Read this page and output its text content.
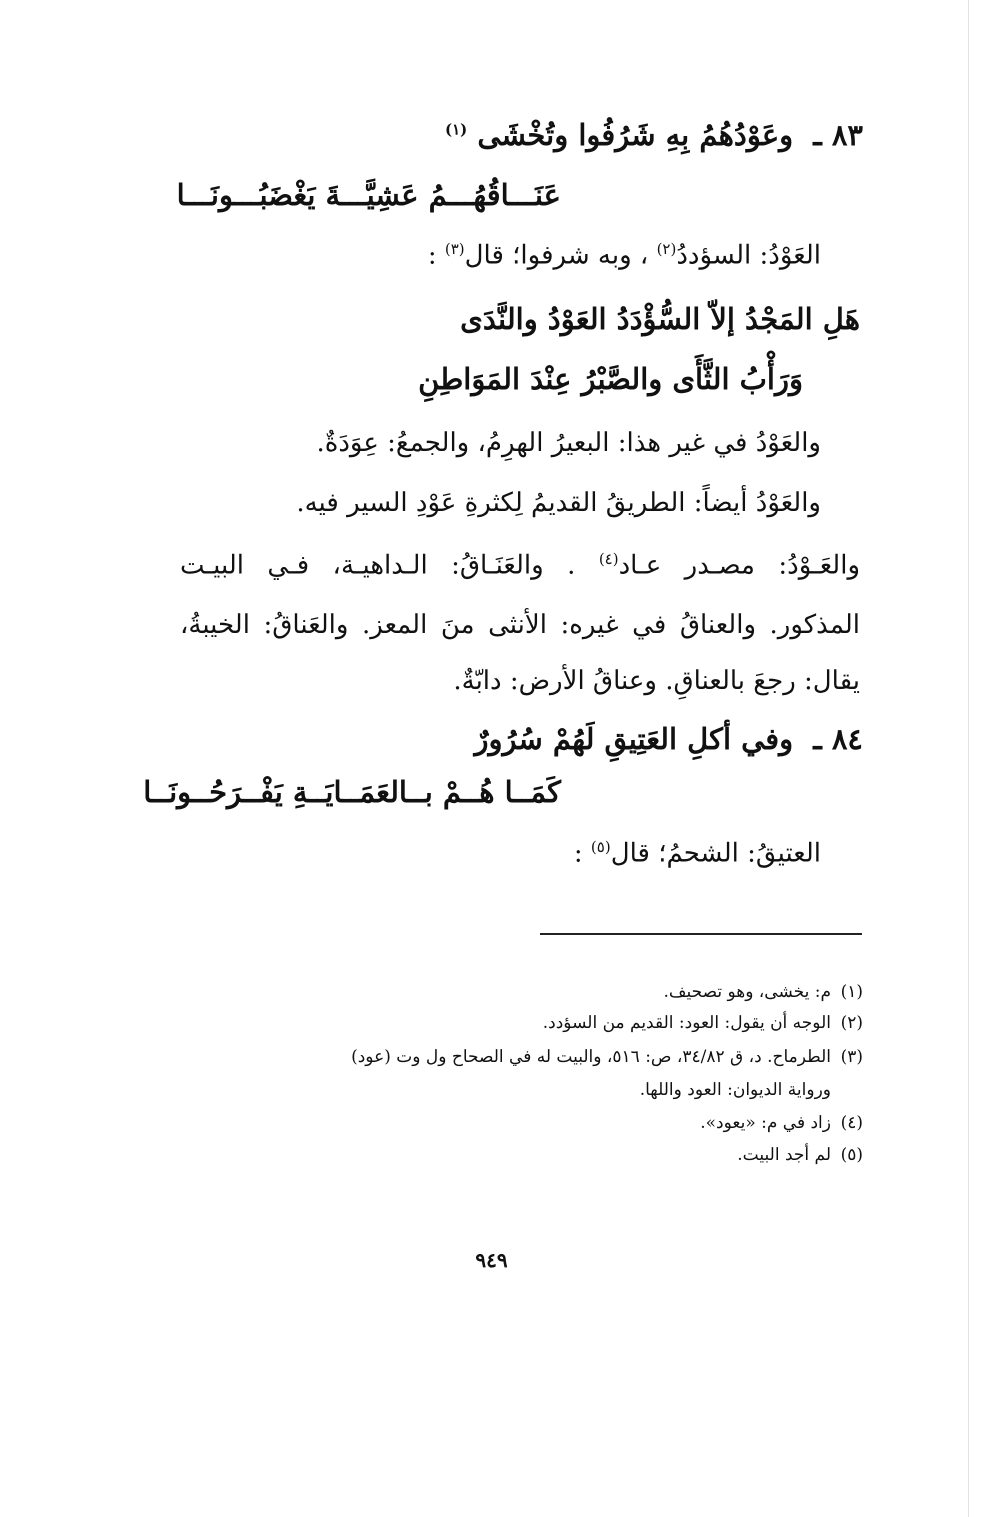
٨٣ ـ وعَوْدُهُمُ بِهِ شَرُفُوا وتُخْشَى $^{(١)}$

عَنَـــاقُهُـــمُ عَشِيَّـــةَ يَغْضَبُـــونَـــا

العَوْدُ: السؤددُ$^{(٢)}$ ، وبه شرفوا؛ قال$^{(٣)}$ :

هَلِ المَجْدُ إلاّ السُّؤْدَدُ العَوْدُ والنَّدَى

وَرَأْبُ الثَّأَى والصَّبْرُ عِنْدَ المَوَاطِنِ

والعَوْدُ في غير هذا: البعيرُ الهرِمُ، والجمعُ: عِوَدَةٌ.

والعَوْدُ أيضاً: الطريقُ القديمُ لِكثرةِ عَوْدِ السير فيه.

والعَـوْدُ: مصـدر عـاد$^{(٤)}$ . والعَنَـاقُ: الـداهيـة، فـي البيـت
المذكور. والعناقُ في غيره: الأنثى منَ المعز. والعَناقُ: الخيبةُ،

يقال: رجعَ بالعناقِ. وعناقُ الأرض: دابّةٌ.

٨٤ ـ وفي أكلِ العَتِيقِ لَهُمْ سُرُورٌ

كَمَــا هُــمْ بــالعَمَــايَــةِ يَفْــرَحُــونَــا

العتيقُ: الشحمُ؛ قال$^{(٥)}$ :

(١)م: يخشى، وهو تصحيف.

(٢)الوجه أن يقول: العود: القديم من السؤدد.

(٣)الطرماح. د، ق ٣٤/٨٢، ص: ٥١٦، والبيت له في الصحاح ول وت (عود)

ورواية الديوان: العود واللها.

(٤)زاد في م: «يعود».

(٥)لم أجد البيت.

٩٤٩
